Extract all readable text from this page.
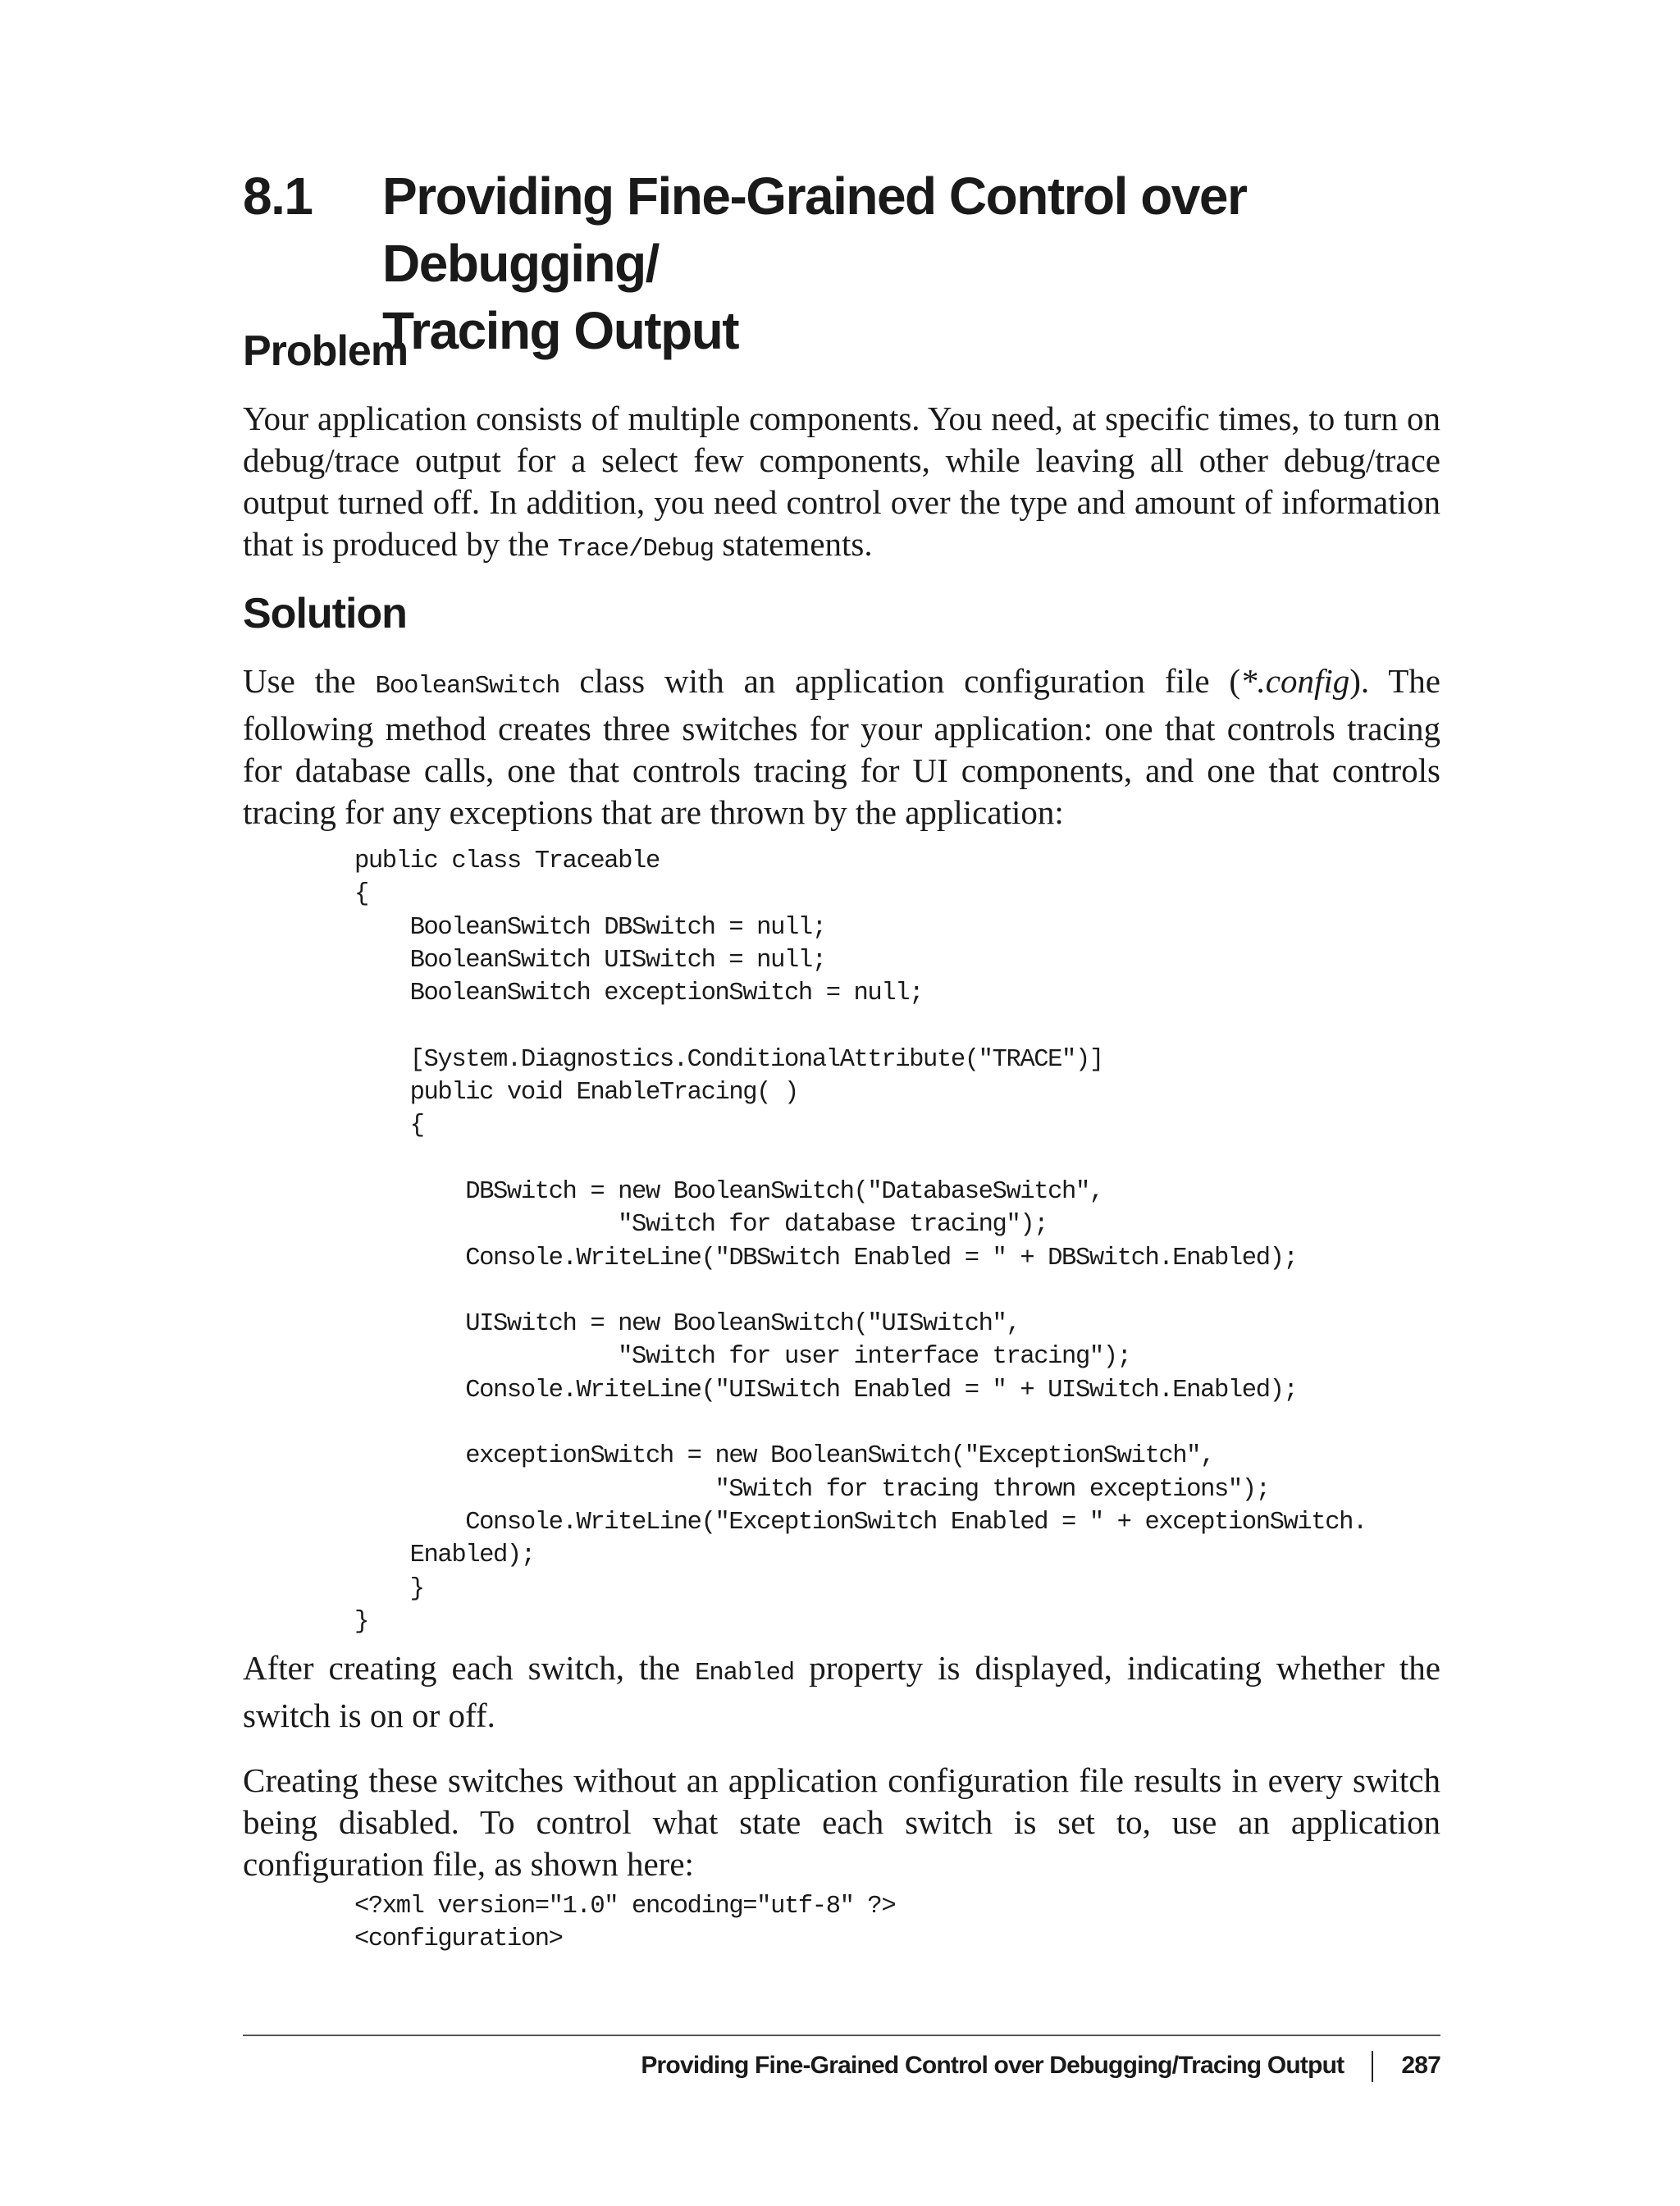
8.1 Providing Fine-Grained Control over Debugging/
Tracing Output
Problem
Your application consists of multiple components. You need, at specific times, to turn on debug/trace output for a select few components, while leaving all other debug/trace output turned off. In addition, you need control over the type and amount of information that is produced by the Trace/Debug statements.
Solution
Use the BooleanSwitch class with an application configuration file (*.config). The following method creates three switches for your application: one that controls tracing for database calls, one that controls tracing for UI components, and one that controls tracing for any exceptions that are thrown by the application:
public class Traceable
{
BooleanSwitch DBSwitch = null;
BooleanSwitch UISwitch = null;
BooleanSwitch exceptionSwitch = null;

[System.Diagnostics.ConditionalAttribute("TRACE")]
public void EnableTracing( )
{

DBSwitch = new BooleanSwitch("DatabaseSwitch",
"Switch for database tracing");
Console.WriteLine("DBSwitch Enabled = " + DBSwitch.Enabled);

UISwitch = new BooleanSwitch("UISwitch",
"Switch for user interface tracing");
Console.WriteLine("UISwitch Enabled = " + UISwitch.Enabled);

exceptionSwitch = new BooleanSwitch("ExceptionSwitch",
"Switch for tracing thrown exceptions");
Console.WriteLine("ExceptionSwitch Enabled = " + exceptionSwitch.
Enabled);
}
}
After creating each switch, the Enabled property is displayed, indicating whether the switch is on or off.
Creating these switches without an application configuration file results in every switch being disabled. To control what state each switch is set to, use an application configuration file, as shown here:
<?xml version="1.0" encoding="utf-8" ?>
<configuration>
Providing Fine-Grained Control over Debugging/Tracing Output 287
